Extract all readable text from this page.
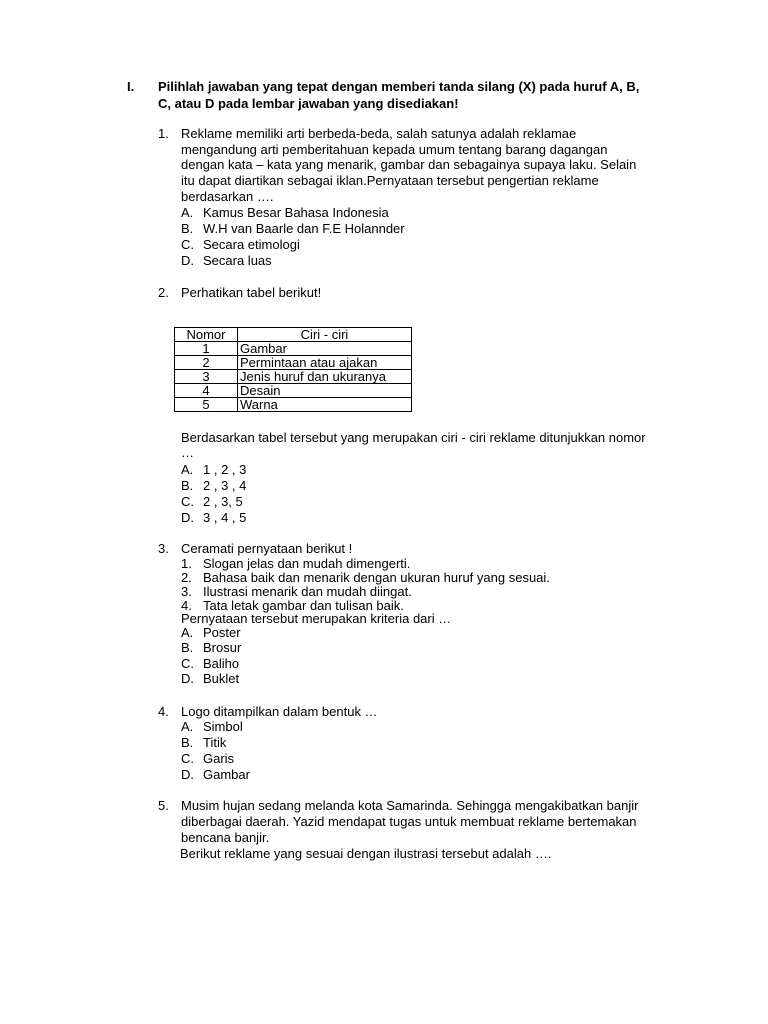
I. Pilihlah jawaban yang tepat dengan memberi tanda silang (X) pada huruf A, B,
C, atau D pada lembar jawaban yang disediakan!
1. Reklame memiliki arti berbeda-beda, salah satunya adalah reklamae
mengandung arti pemberitahuan kepada umum tentang barang dagangan
dengan kata – kata yang menarik, gambar dan sebagainya supaya laku. Selain
itu dapat diartikan sebagai iklan.Pernyataan tersebut pengertian reklame
berdasarkan ….
A. Kamus Besar Bahasa Indonesia
B. W.H van Baarle dan F.E Holannder
C. Secara etimologi
D. Secara luas
2. Perhatikan tabel berikut!
Nomor	Ciri - ciri
1	Gambar
2	Permintaan atau ajakan
3	Jenis huruf dan ukuranya
4	Desain
5	Warna
Berdasarkan tabel tersebut yang merupakan ciri - ciri reklame ditunjukkan nomor
…
A. 1 , 2 , 3
B. 2 , 3 , 4
C. 2 , 3, 5
D. 3 , 4 , 5
3. Ceramati pernyataan berikut !
1. Slogan jelas dan mudah dimengerti.
2. Bahasa baik dan menarik dengan ukuran huruf yang sesuai.
3. Ilustrasi menarik dan mudah diingat.
4. Tata letak gambar dan tulisan baik.
Pernyataan tersebut merupakan kriteria dari …
A. Poster
B. Brosur
C. Baliho
D. Buklet
4. Logo ditampilkan dalam bentuk …
A. Simbol
B. Titik
C. Garis
D. Gambar
5. Musim hujan sedang melanda kota Samarinda. Sehingga mengakibatkan banjir
diberbagai daerah. Yazid mendapat tugas untuk membuat reklame bertemakan
bencana banjir.
Berikut reklame yang sesuai dengan ilustrasi tersebut adalah ….
